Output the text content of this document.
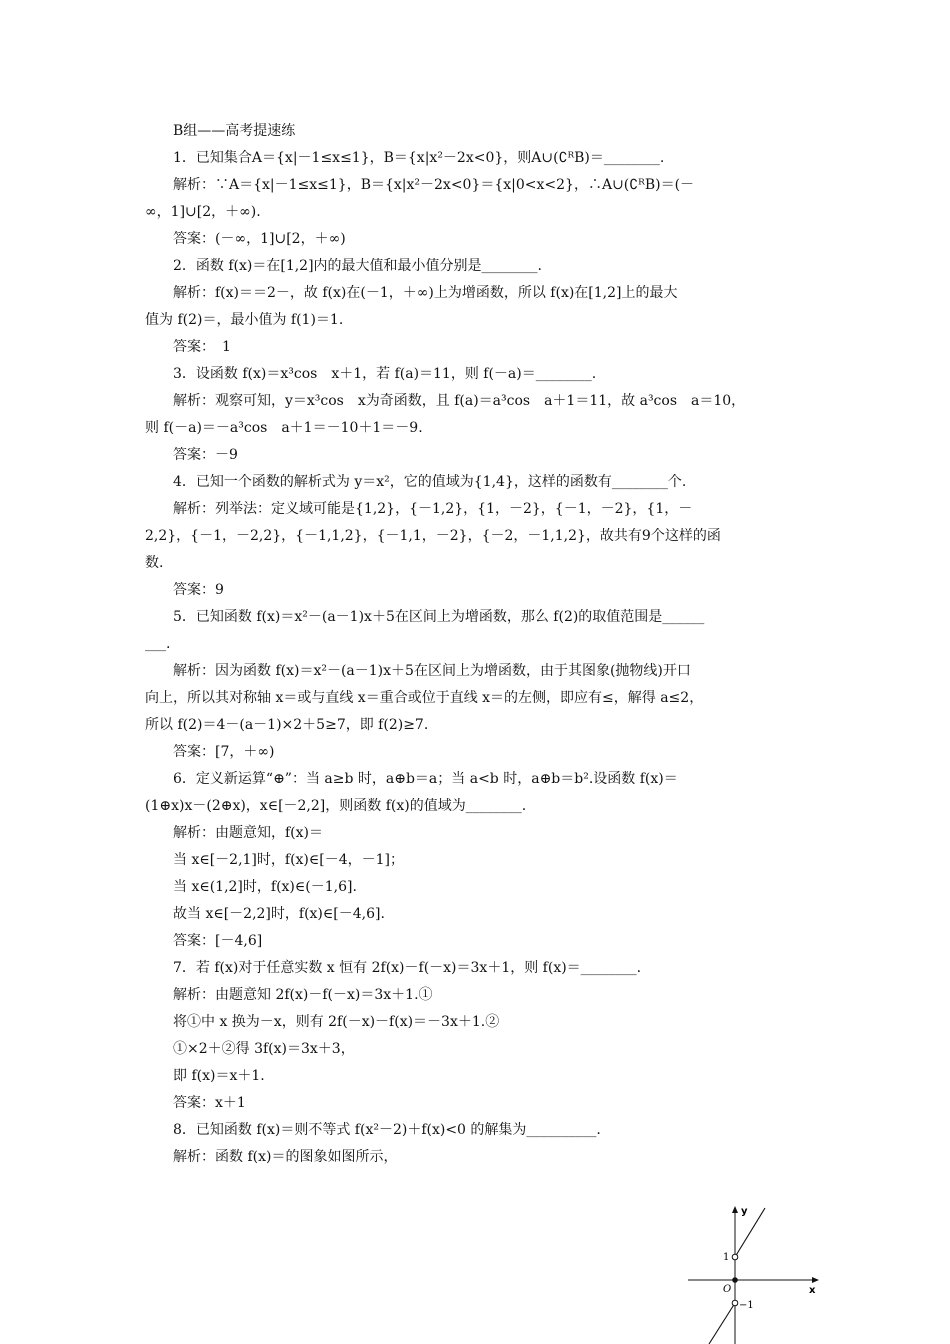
B组——高考提速练
1．已知集合A＝{x|－1≤x≤1}，B＝{x|x²－2x<0}，则A∪(∁ᴿB)＝________.
解析：∵A＝{x|－1≤x≤1}，B＝{x|x²－2x<0}＝{x|0<x<2}，∴A∪(∁ᴿB)＝(－
∞，1]∪[2，＋∞).
答案：(－∞，1]∪[2，＋∞)
2．函数 f(x)＝在[1,2]内的最大值和最小值分别是________.
解析：f(x)＝＝2－，故 f(x)在(－1，＋∞)上为增函数，所以 f(x)在[1,2]上的最大
值为 f(2)＝，最小值为 f(1)＝1.
答案：　1
3．设函数 f(x)＝x³cos　x＋1，若 f(a)＝11，则 f(－a)＝________.
解析：观察可知，y＝x³cos　x为奇函数，且 f(a)＝a³cos　a＋1＝11，故 a³cos　a＝10，
则 f(－a)＝－a³cos　a＋1＝－10＋1＝－9.
答案：－9
4．已知一个函数的解析式为 y＝x²，它的值域为{1,4}，这样的函数有________个.
解析：列举法：定义域可能是{1,2}，{－1,2}，{1，－2}，{－1，－2}，{1，－
2,2}，{－1，－2,2}，{－1,1,2}，{－1,1，－2}，{－2，－1,1,2}，故共有9个这样的函
数.
答案：9
5．已知函数 f(x)＝x²－(a－1)x＋5在区间上为增函数，那么 f(2)的取值范围是______
___.
解析：因为函数 f(x)＝x²－(a－1)x＋5在区间上为增函数，由于其图象(抛物线)开口
向上，所以其对称轴 x＝或与直线 x＝重合或位于直线 x＝的左侧，即应有≤，解得 a≤2，
所以 f(2)＝4－(a－1)×2＋5≥7，即 f(2)≥7.
答案：[7，＋∞)
6．定义新运算“⊕”：当 a≥b 时，a⊕b＝a；当 a<b 时，a⊕b＝b².设函数 f(x)＝
(1⊕x)x－(2⊕x)，x∈[－2,2]，则函数 f(x)的值域为________.
解析：由题意知，f(x)＝
当 x∈[－2,1]时，f(x)∈[－4，－1]；
当 x∈(1,2]时，f(x)∈(－1,6].
故当 x∈[－2,2]时，f(x)∈[－4,6].
答案：[－4,6]
7．若 f(x)对于任意实数 x 恒有 2f(x)－f(－x)＝3x＋1，则 f(x)＝________.
解析：由题意知 2f(x)－f(－x)＝3x＋1.①
将①中 x 换为－x，则有 2f(－x)－f(x)＝－3x＋1.②
①×2＋②得 3f(x)＝3x＋3，
即 f(x)＝x＋1.
答案：x＋1
8．已知函数 f(x)＝则不等式 f(x²－2)＋f(x)<0 的解集为__________.
解析：函数 f(x)＝的图象如图所示，
y
x
O
1
−1
